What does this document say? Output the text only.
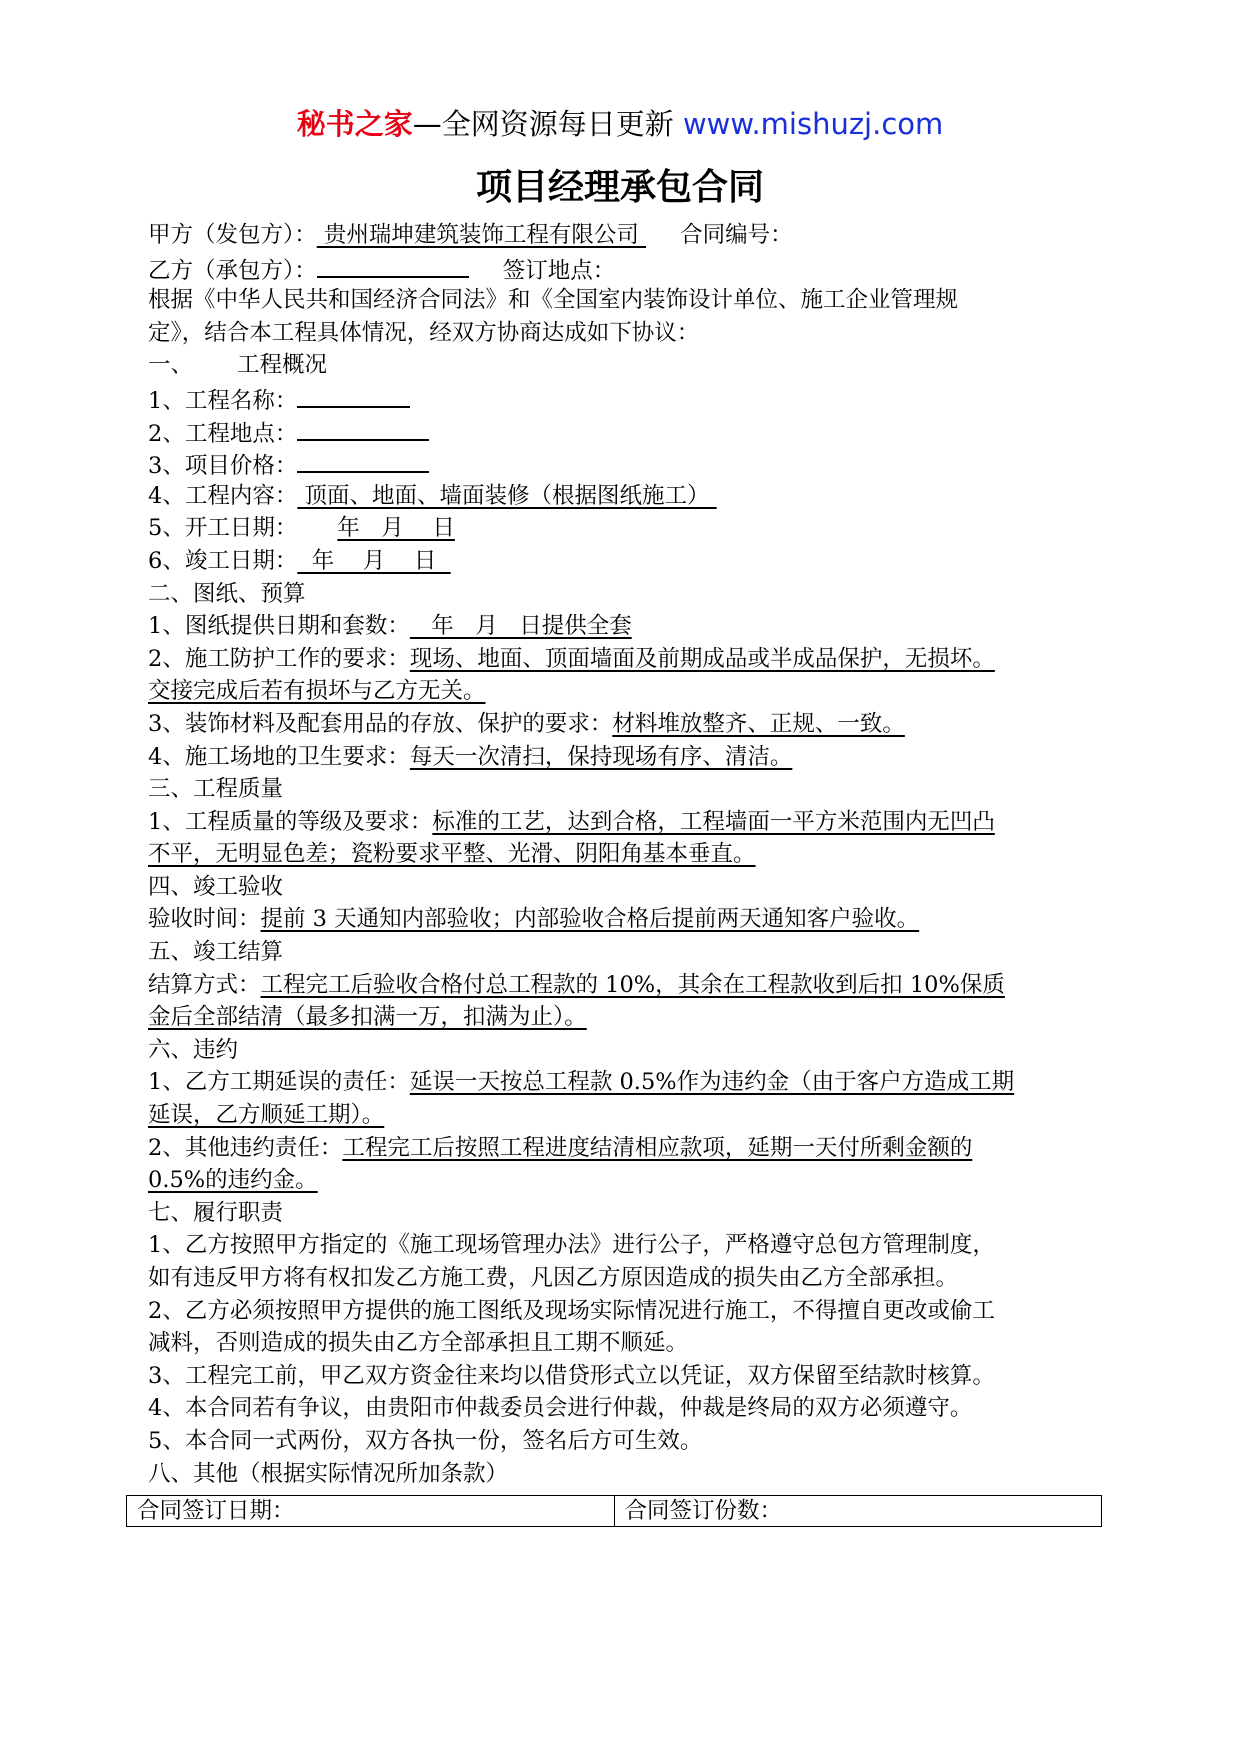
秘书之家—全网资源每日更新 www.mishuzj.com
项目经理承包合同
甲方（发包方）： 贵州瑞坤建筑装饰工程有限公司 合同编号：
乙方（承包方）：	签订地点：
根据《中华人民共和国经济合同法》和《全国室内装饰设计单位、施工企业管理规
定》，结合本工程具体情况，经双方协商达成如下协议：
一、 工程概况
1、工程名称：
2、工程地点：
3、项目价格：
4、工程内容： 顶面、地面、墙面装修（根据图纸施工）
5、开工日期： 年   月    日
6、竣工日期：  年    月    日
二、图纸、预算
1、图纸提供日期和套数：   年   月   日提供全套
2、施工防护工作的要求：现场、地面、顶面墙面及前期成品或半成品保护，无损坏。
交接完成后若有损坏与乙方无关。
3、装饰材料及配套用品的存放、保护的要求：材料堆放整齐、正规、一致。
4、施工场地的卫生要求：每天一次清扫，保持现场有序、清洁。
三、工程质量
1、工程质量的等级及要求：标准的工艺，达到合格，工程墙面一平方米范围内无凹凸
不平，无明显色差；瓷粉要求平整、光滑、阴阳角基本垂直。
四、竣工验收
验收时间：提前 3 天通知内部验收；内部验收合格后提前两天通知客户验收。
五、竣工结算
结算方式：工程完工后验收合格付总工程款的 10%，其余在工程款收到后扣 10%保质
金后全部结清（最多扣满一万，扣满为止）。
六、违约
1、乙方工期延误的责任：延误一天按总工程款 0.5%作为违约金（由于客户方造成工期
延误，乙方顺延工期）。
2、其他违约责任：工程完工后按照工程进度结清相应款项，延期一天付所剩金额的
0.5%的违约金。
七、履行职责
1、乙方按照甲方指定的《施工现场管理办法》进行公子，严格遵守总包方管理制度，
如有违反甲方将有权扣发乙方施工费，凡因乙方原因造成的损失由乙方全部承担。
2、乙方必须按照甲方提供的施工图纸及现场实际情况进行施工，不得擅自更改或偷工
减料，否则造成的损失由乙方全部承担且工期不顺延。
3、工程完工前，甲乙双方资金往来均以借贷形式立以凭证，双方保留至结款时核算。
4、本合同若有争议，由贵阳市仲裁委员会进行仲裁，仲裁是终局的双方必须遵守。
5、本合同一式两份，双方各执一份，签名后方可生效。
八、其他（根据实际情况所加条款）
合同签订日期：	合同签订份数：
